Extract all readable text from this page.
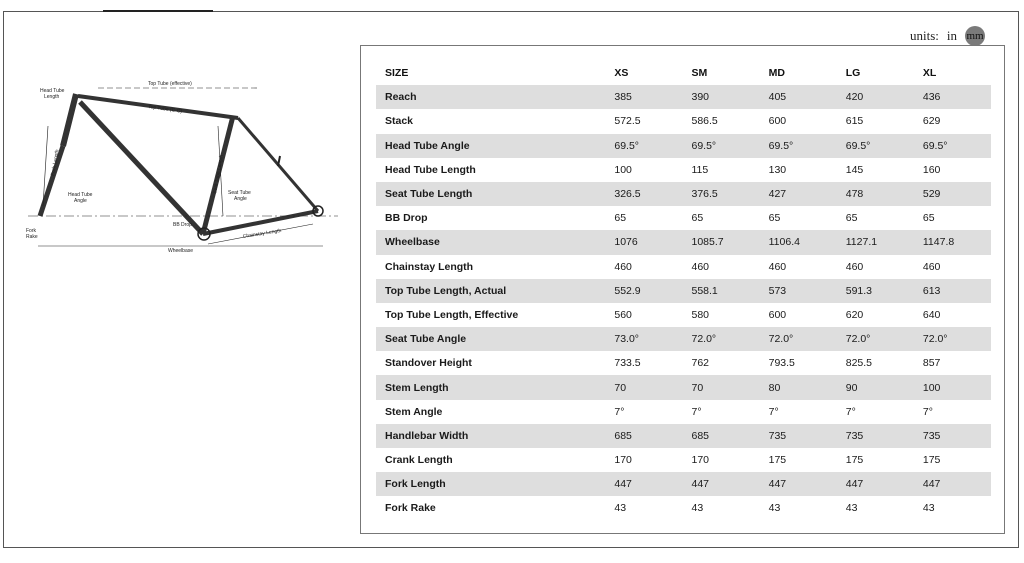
units: in mm
Top Tube (effective)
Top Tube (C-C)
Head Tube
Length
Fork Length
Head Tube
Angle
Seat Tube Length Seat Tube
Angle
BB Drop
Chainstay Length
Wheelbase
Fork
Rake
SIZE	XS	SM	MD	LG	XL
Reach	385	390	405	420	436
Stack	572.5	586.5	600	615	629
Head Tube Angle	69.5°	69.5°	69.5°	69.5°	69.5°
Head Tube Length	100	115	130	145	160
Seat Tube Length	326.5	376.5	427	478	529
BB Drop	65	65	65	65	65
Wheelbase	1076	1085.7	1106.4	1127.1	1147.8
Chainstay Length	460	460	460	460	460
Top Tube Length, Actual	552.9	558.1	573	591.3	613
Top Tube Length, Effective	560	580	600	620	640
Seat Tube Angle	73.0°	72.0°	72.0°	72.0°	72.0°
Standover Height	733.5	762	793.5	825.5	857
Stem Length	70	70	80	90	100
Stem Angle	7°	7°	7°	7°	7°
Handlebar Width	685	685	735	735	735
Crank Length	170	170	175	175	175
Fork Length	447	447	447	447	447
Fork Rake	43	43	43	43	43
